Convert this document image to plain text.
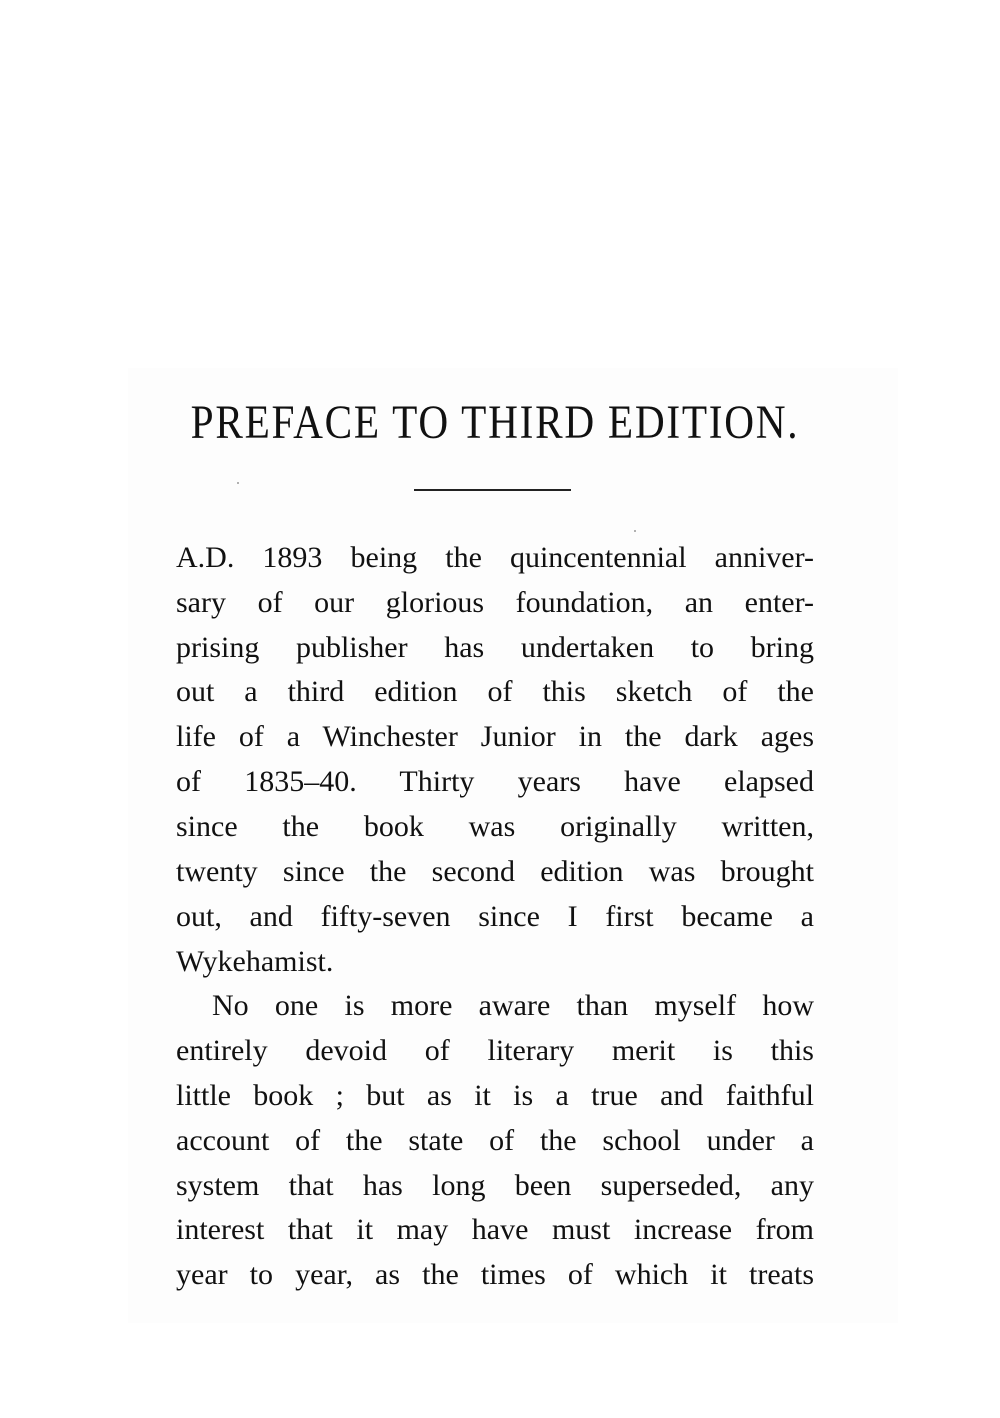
PREFACE TO THIRD EDITION.
A.D. 1893 being the quincentennial anniver-
sary of our glorious foundation, an enter-
prising publisher has undertaken to bring
out a third edition of this sketch of the
life of a Winchester Junior in the dark ages
of 1835–40. Thirty years have elapsed
since the book was originally written,
twenty since the second edition was brought
out, and fifty-seven since I first became a
Wykehamist.
No one is more aware than myself how
entirely devoid of literary merit is this
little book ; but as it is a true and faithful
account of the state of the school under a
system that has long been superseded, any
interest that it may have must increase from
year to year, as the times of which it treats
